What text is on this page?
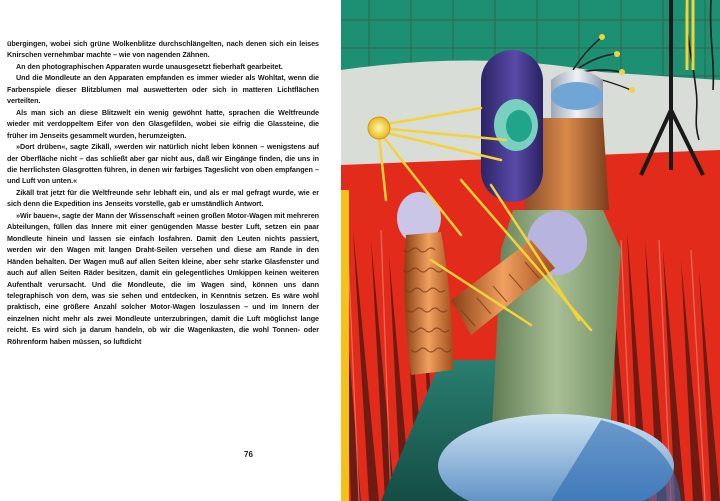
übergingen, wobei sich grüne Wolkenblitze durchschlängelten, nach denen sich ein leises Knirschen vernehmbar machte – wie von nagenden Zähnen.

An den photographischen Apparaten wurde unausgesetzt fieberhaft gearbeitet.

Und die Mondleute an den Apparaten empfanden es immer wieder als Wohltat, wenn die Farbenspiele dieser Blitzblumen mal auswetterten oder sich in matteren Lichtflächen verteilten.

Als man sich an diese Blitzwelt ein wenig gewöhnt hatte, sprachen die Weltfreunde wieder mit verdoppeltem Eifer von den Glasgefilden, wobei sie eifrig die Glassteine, die früher im Jenseits gesammelt wurden, herumzeigten.

»Dort drüben«, sagte Zikäll, »werden wir natürlich nicht leben können – wenigstens auf der Oberfläche nicht – das schließt aber gar nicht aus, daß wir Eingänge finden, die uns in die herrlichsten Glasgrotten führen, in denen wir farbiges Tageslicht von oben empfangen – und Luft von unten.«

Zikäll trat jetzt für die Weltfreunde sehr lebhaft ein, und als er mal gefragt wurde, wie er sich denn die Expedition ins Jenseits vorstelle, gab er umständlich Antwort.

»Wir bauen«, sagte der Mann der Wissenschaft »einen großen Motor-Wagen mit mehreren Abteilungen, füllen das Innere mit einer genügenden Masse bester Luft, setzen ein paar Mondleute hinein und lassen sie einfach losfahren. Damit den Leuten nichts passiert, werden wir den Wagen mit langen Draht-Seilen versehen und diese am Rande in den Händen behalten. Der Wagen muß auf allen Seiten kleine, aber sehr starke Glasfenster und auch auf allen Seiten Räder besitzen, damit ein gelegentliches Umkippen keinen weiteren Aufenthalt verursacht. Und die Mondleute, die im Wagen sind, können uns dann telegraphisch von dem, was sie sehen und entdecken, in Kenntnis setzen. Es wäre wohl praktisch, eine größere Anzahl solcher Motor-Wagen loszulassen – und im Innern der einzelnen nicht mehr als zwei Mondleute unterzubringen, damit die Luft möglichst lange reicht. Es wird sich ja darum handeln, ob wir die Wagenkasten, die wohl Tonnen- oder Röhrenform haben müssen, so luftdicht

76
